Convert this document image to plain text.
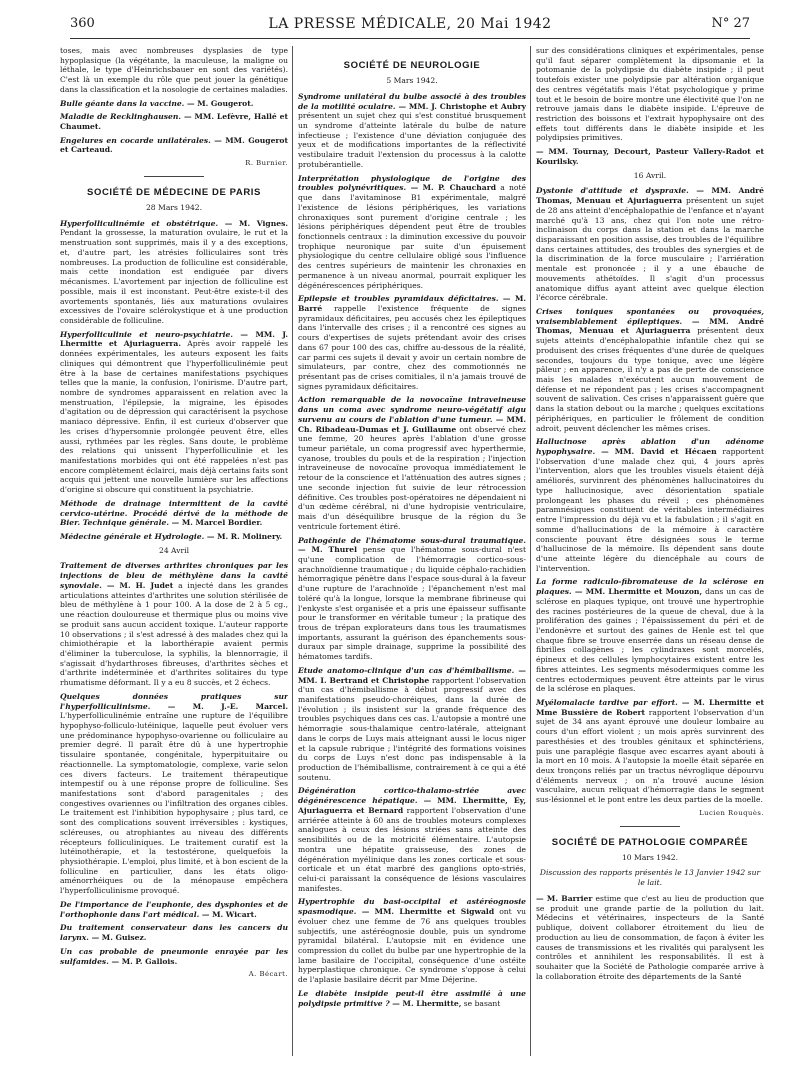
360	LA PRESSE MÉDICALE, 20 Mai 1942	N° 27

toses, mais avec nombreuses dysplasies de type hypoplasique (la végétante, la maculeuse, la maligne ou léthale, le type d'Heinrichsbauer en sont des variétés). C'est là un exemple du rôle que peut jouer la génétique dans la classification et la nosologie de certaines maladies.

Bulle géante dans la vaccine. — M. Gougerot.
Maladie de Recklinghausen. — MM. Lefèvre, Hallé et Chaumet.
Engelures en cocarde unilatérales. — MM. Gougerot et Carteaud.
R. Burnier.
SOCIÉTÉ DE MÉDECINE DE PARIS
28 Mars 1942.
Hyperfolliculinémie et obstétrique. — M. Vignes. Pendant la grossesse, la maturation ovulaire, le rut et la menstruation sont supprimés, mais il y a des exceptions, et, d'autre part, les atrésies folliculaires sont très nombreuses. La production de folliculine est considérable, mais cette inondation est endiguée par divers mécanismes. L'avortement par injection de folliculine est possible, mais il est inconstant. Peut-être existe-t-il des avortements spontanés, liés aux maturations ovulaires excessives de l'ovaire sclérokystique et à une production considérable de folliculine.
Hyperfolliculinie et neuro-psychiatrie. — MM. J. Lhermitte et Ajuriaguerra. Après avoir rappelé les données expérimentales, les auteurs exposent les faits cliniques qui démontrent que l'hyperfolliculinémie peut être à la base de certaines manifestations psychiques telles que la manie, la confusion, l'onirisme. D'autre part, nombre de syndromes apparaissent en relation avec la menstruation, l'épilepsie, la migraine, les épisodes d'agitation ou de dépression qui caractérisent la psychose maniaco dépressive. Enfin, il est curieux d'observer que les crises d'hypersomnie prolongée peuvent être, elles aussi, rythmées par les règles. Sans doute, le problème des relations qui unissent l'hyperfolliculinie et les manifestations morbides qui ont été rappelées n'est pas encore complètement éclairci, mais déjà certains faits sont acquis qui jettent une nouvelle lumière sur les affections d'origine si obscure qui constituent la psychiatrie.
Méthode de drainage intermittent de la cavité cervico-utérine. Procédé dérivé de la méthode de Bier. Technique générale. — M. Marcel Bordier.
Médecine générale et Hydrologie. — M. R. Molinery.
24 Avril
Traitement de diverses arthrites chroniques par les injections de bleu de méthylène dans la cavité synoviale. — M. H. Judet a injecté dans les grandes articulations atteintes d'arthrites une solution stérilisée de bleu de méthylène à 1 pour 100. A la dose de 2 à 5 cg., une réaction douloureuse et thermique plus ou moins vive se produit sans aucun accident toxique. L'auteur rapporte 10 observations ; il s'est adressé à des malades chez qui la chimiothérapie et la laborthérapie avaient permis d'éliminer la tuberculose, la syphilis, la blennorragie, il s'agissait d'hydarthroses fibreuses, d'arthrites sèches et d'arthrite indéterminée et d'arthrites solitaires du type rhumatisme déformant. Il y a eu 8 succès, et 2 échecs.
Quelques données pratiques sur l'hyperfolliculinisme. — M. J.-E. Marcel. L'hyperfolliculinémie entraîne une rupture de l'équilibre hypophyso-folliculo-lutéinique, laquelle peut évoluer vers une prédominance hypophyso-ovarienne ou folliculaire au premier degré. Il paraît être dû à une hypertrophie tissulaire spontanée, congénitale, hyperpituitaire ou réactionnelle. La symptomatologie, complexe, varie selon ces divers facteurs. Le traitement thérapeutique intempestif ou à une réponse propre de folliculine. Ses manifestations sont d'abord paragenitales ; des congestives ovariennes ou l'infiltration des organes cibles. Le traitement est l'inhibition hypophysaire ; plus tard, ce sont des complications souvent irréversibles : kystiques, scléreuses, ou atrophiantes au niveau des différents récepteurs folliculiniques. Le traitement curatif est la lutéinothérapie, et la testostérone, quelquefois la physiothérapie. L'emploi, plus limité, et à bon escient de la folliculine en particulier, dans les états oligo-aménorrhéiques ou de la ménopause empêchera l'hyperfolliculinisme provoqué.
De l'importance de l'euphonie, des dysphonies et de l'orthophonie dans l'art médical. — M. Wicart.
Du traitement conservateur dans les cancers du larynx. — M. Guisez.
Un cas probable de pneumonie enrayée par les sulfamides. — M. P. Gallois.
A. Bécart.
SOCIÉTÉ DE NEUROLOGIE
5 Mars 1942.
Syndrome unilatéral du bulbe associé à des troubles de la motilité oculaire. — MM. J. Christophe et Aubry présentent un sujet chez qui s'est constitué brusquement un syndrome d'atteinte latérale du bulbe de nature infectieuse ; l'existence d'une déviation conjuguée des yeux et de modifications importantes de la réflectivité vestibulaire traduit l'extension du processus à la calotte protubérantielle.
Interprétation physiologique de l'origine des troubles polynévritiques. — M. P. Chauchard a noté que dans l'avitaminose B1 expérimentale, malgré l'existence de lésions périphériques, les variations chronaxiques sont purement d'origine centrale ; les lésions périphériques dépendent peut être de troubles fonctionnels centraux : la diminution excessive du pouvoir trophique neuronique par suite d'un épuisement physiologique du centre cellulaire obligé sous l'influence des centres supérieurs de maintenir les chronaxies en permanence à un niveau anormal, pourrait expliquer les dégénérescences périphériques.
Epilepsie et troubles pyramidaux déficitaires. — M. Barré rappelle l'existence fréquente de signes pyramidaux déficitaires, peu accusés chez les épileptiques dans l'intervalle des crises ; il a rencontré ces signes au cours d'expertises de sujets prétendant avoir des crises dans 67 pour 100 des cas, chiffre au-dessous de la réalité, car parmi ces sujets il devait y avoir un certain nombre de simulateurs, par contre, chez des commotionnés ne présentant pas de crises comitiales, il n'a jamais trouvé de signes pyramidaux déficitaires.
Action remarquable de la novocaïne intraveineuse dans un coma avec syndrome neuro-végétatif aigu survenu au cours de l'ablation d'une tumeur. — MM. Ch. Ribadeau-Dumas et J. Guillaume ont observé chez une femme, 20 heures après l'ablation d'une grosse tumeur pariétale, un coma progressif avec hyperthermie, cyanose, troubles du pouls et de la respiration ; l'injection intraveineuse de novocaïne provoqua immédiatement le retour de la conscience et l'atténuation des autres signes ; une seconde injection fut suivie de leur rétrocession définitive. Ces troubles post-opératoires ne dépendaient ni d'un œdème cérébral, ni d'une hydropisie ventriculaire, mais d'un déséquilibre brusque de la région du 3e ventricule fortement étiré.
Pathogénie de l'hématome sous-dural traumatique. — M. Thurel pense que l'hématome sous-dural n'est qu'une complication de l'hémorragie cortico-sous-arachnoïdienne traumatique ; du liquide céphalo-rachidien hémorragique pénètre dans l'espace sous-dural à la faveur d'une rupture de l'arachnoïde ; l'épanchement n'est mal toléré qu'à la longue, lorsque la membrane fibrineuse qui l'enkyste s'est organisée et a pris une épaisseur suffisante pour le transformer en véritable tumeur ; la pratique des trous de trépan explorateurs dans tous les traumatismes importants, assurant la guérison des épanchements sous-duraux par simple drainage, supprime la possibilité des hématomes tardifs.
Etude anatomo-clinique d'un cas d'hémiballisme. — MM. I. Bertrand et Christophe rapportent l'observation d'un cas d'hémiballisme à début progressif avec des manifestations pseudo-choréiques, dans la durée de l'évolution ; ils insistent sur la grande fréquence des troubles psychiques dans ces cas. L'autopsie a montré une hémorragie sous-thalamique centro-latérale, atteignant dans le corps de Luys mais atteignant aussi le locus niger et la capsule rubrique ; l'intégrité des formations voisines du corps de Luys n'est donc pas indispensable à la production de l'hémiballisme, contrairement à ce qui a été soutenu.
Dégénération cortico-thalamo-striée avec dégénérescence hépatique. — MM. Lhermitte, Ey, Ajuriaguerra et Bernard rapportent l'observation d'une arriérée atteinte à 60 ans de troubles moteurs complexes analogues à ceux des lésions striées sans atteinte des sensibilités ou de la motricité élémentaire. L'autopsie montra une hépatite graisseuse, des zones de dégénération myélinique dans les zones corticale et sous-corticale et un état marbré des ganglions opto-striés, celui-ci paraissant la conséquence de lésions vasculaires manifestes.
Hypertrophie du basi-occipital et astéréognosie spasmodique. — MM. Lhermitte et Sigwald ont vu évoluer chez une femme de 76 ans quelques troubles subjectifs, une astéréognosie double, puis un syndrome pyramidal bilatéral. L'autopsie mit en évidence une compression du collet du bulbe par une hypertrophie de la lame basilaire de l'occipital, conséquence d'une ostéite hyperplastique chronique. Ce syndrome s'oppose à celui de l'aplasie basilaire décrit par Mme Déjerine.
Le diabète insipide peut-il être assimilé à une polydipsie primitive ? — M. Lhermitte, se basant

sur des considérations cliniques et expérimentales, pense qu'il faut séparer complètement la dipsomanie et la potomanie de la polydipsie du diabète insipide ; il peut toutefois exister une polydipsie par altération organique des centres végétatifs mais l'état psychologique y prime tout et le besoin de boire montre une électivité que l'on ne retrouve jamais dans le diabète insipide. L'épreuve de restriction des boissons et l'extrait hypophysaire ont des effets tout différents dans le diabète insipide et les polydipsies primitives.

— MM. Tournay, Decourt, Pasteur Vallery-Radot et Kourilsky.
16 Avril.
Dystonie d'attitude et dyspraxie. — MM. André Thomas, Menuau et Ajuriaguerra présentent un sujet de 28 ans atteint d'encéphalopathie de l'enfance et n'ayant marché qu'à 13 ans, chez qui l'on note une rétro-inclinaison du corps dans la station et dans la marche disparaissant en position assise, des troubles de l'équilibre dans certaines attitudes, des troubles des synergies et de la discrimination de la force musculaire ; l'arriération mentale est prononcée ; il y a une ébauche de mouvements athétoïdes. Il s'agit d'un processus anatomique diffus ayant atteint avec quelque élection l'écorce cérébrale.
Crises toniques spontanées ou provoquées, vraisemblablement épileptiques. — MM. André Thomas, Menuau et Ajuriaguerra présentent deux sujets atteints d'encéphalopathie infantile chez qui se produisent des crises fréquentes d'une durée de quelques secondes, toujours du type tonique, avec une légère pâleur ; en apparence, il n'y a pas de perte de conscience mais les malades n'exécutent aucun mouvement de défense et ne répondent pas ; les crises s'accompagnent souvent de salivation. Ces crises n'apparaissent guère que dans la station debout ou la marche ; quelques excitations périphériques, en particulier le frôlement de condition adroit, peuvent déclencher les mêmes crises.
Hallucinose après ablation d'un adénome hypophysaire. — MM. David et Hécaen rapportent l'observation d'une malade chez qui, 4 jours après l'intervention, alors que les troubles visuels étaient déjà améliorés, survinrent des phénomènes hallucinatoires du type hallucinosique, avec désorientation spatiale prolongeant les phases du réveil ; ces phénomènes paramnésiques constituent de véritables intermédiaires entre l'impression du déjà vu et la fabulation ; il s'agit en somme d'hallucinations de la mémoire à caractère consciente pouvant être désignées sous le terme d'hallucinose de la mémoire. Ils dépendent sans doute d'une atteinte légère du diencéphale au cours de l'intervention.
La forme radiculo-fibromateuse de la sclérose en plaques. — MM. Lhermitte et Mouzon, dans un cas de sclérose en plaques typique, ont trouvé une hypertrophie des racines postérieures de la queue de cheval, due à la prolifération des gaines ; l'épaississement du péri et de l'endonèvre et surtout des gaines de Henle est tel que chaque fibre se trouve enserrée dans un réseau dense de fibrilles collagènes ; les cylindraxes sont morcelés, épineux et des cellules lymphocytaires existent entre les fibres atteintes. Les segments mésodermiques comme les centres ectodermiques peuvent être atteints par le virus de la sclérose en plaques.
Myélomalacie tardive par effort. — M. Lhermitte et Mme Bussière de Robert rapportent l'observation d'un sujet de 34 ans ayant éprouvé une douleur lombaire au cours d'un effort violent ; un mois après survinrent des paresthésies et des troubles génitaux et sphinctériens, puis une paraplégie flasque avec escarres ayant abouti à la mort en 10 mois. A l'autopsie la moelle était séparée en deux tronçons reliés par un tractus névroglique dépourvu d'éléments nerveux ; on n'a trouvé aucune lésion vasculaire, aucun reliquat d'hémorragie dans le segment sus-lésionnel et le pont entre les deux parties de la moelle.
Lucien Rouquès.
SOCIÉTÉ DE PATHOLOGIE COMPARÉE
10 Mars 1942.
Discussion des rapports présentés le 13 Janvier 1942 sur le lait.
— M. Barrier estime que c'est au lieu de production que se produit une grande partie de la pollution du lait. Médecins et vétérinaires, inspecteurs de la Santé publique, doivent collaborer étroitement du lieu de production au lieu de consommation, de façon à éviter les causes de transmissions et les rivalités qui paralysent les contrôles et annihilent les responsabilités. Il est à souhaiter que la Société de Pathologie comparée arrive à la collaboration étroite des départements de la Santé
